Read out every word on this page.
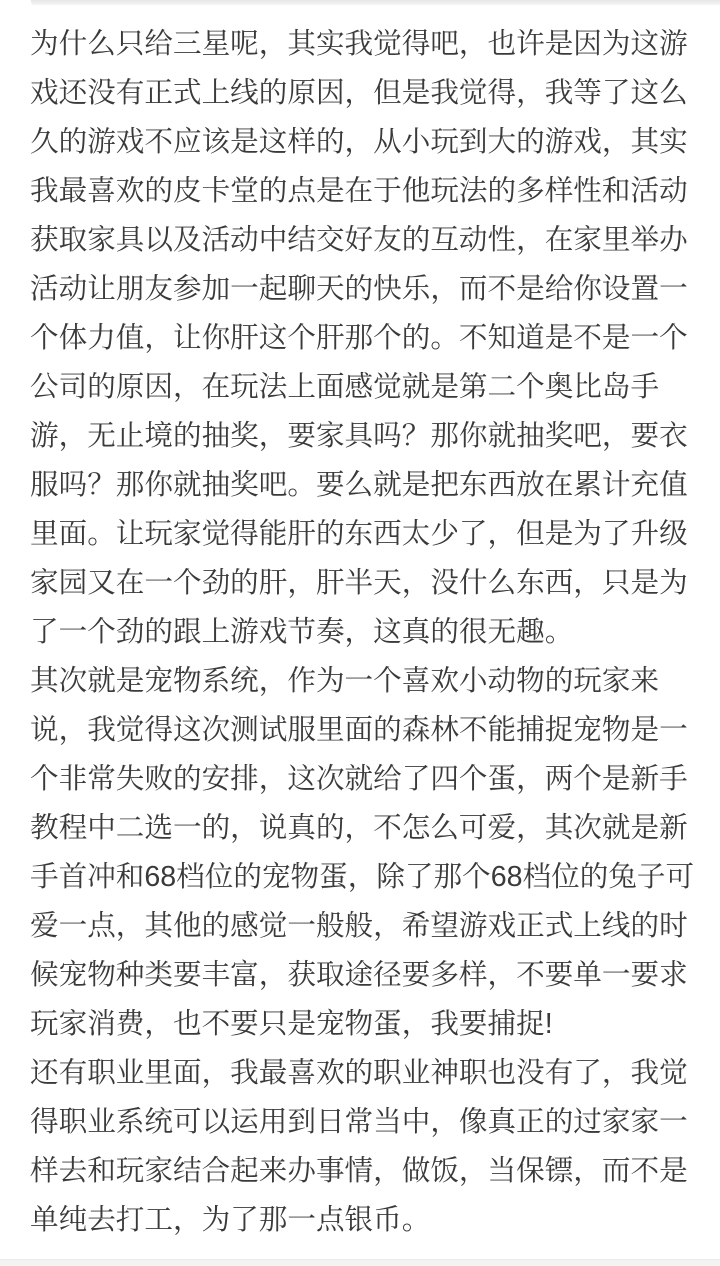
为什么只给三星呢，其实我觉得吧，也许是因为这游
戏还没有正式上线的原因，但是我觉得，我等了这么
久的游戏不应该是这样的，从小玩到大的游戏，其实
我最喜欢的皮卡堂的点是在于他玩法的多样性和活动
获取家具以及活动中结交好友的互动性，在家里举办
活动让朋友参加一起聊天的快乐，而不是给你设置一
个体力值，让你肝这个肝那个的。不知道是不是一个
公司的原因，在玩法上面感觉就是第二个奥比岛手
游，无止境的抽奖，要家具吗？那你就抽奖吧，要衣
服吗？那你就抽奖吧。要么就是把东西放在累计充值
里面。让玩家觉得能肝的东西太少了，但是为了升级
家园又在一个劲的肝，肝半天，没什么东西，只是为
了一个劲的跟上游戏节奏，这真的很无趣。
其次就是宠物系统，作为一个喜欢小动物的玩家来
说，我觉得这次测试服里面的森林不能捕捉宠物是一
个非常失败的安排，这次就给了四个蛋，两个是新手
教程中二选一的，说真的，不怎么可爱，其次就是新
手首冲和68档位的宠物蛋，除了那个68档位的兔子可
爱一点，其他的感觉一般般，希望游戏正式上线的时
候宠物种类要丰富，获取途径要多样，不要单一要求
玩家消费，也不要只是宠物蛋，我要捕捉!
还有职业里面，我最喜欢的职业神职也没有了，我觉
得职业系统可以运用到日常当中，像真正的过家家一
样去和玩家结合起来办事情，做饭，当保镖，而不是
单纯去打工，为了那一点银币。
